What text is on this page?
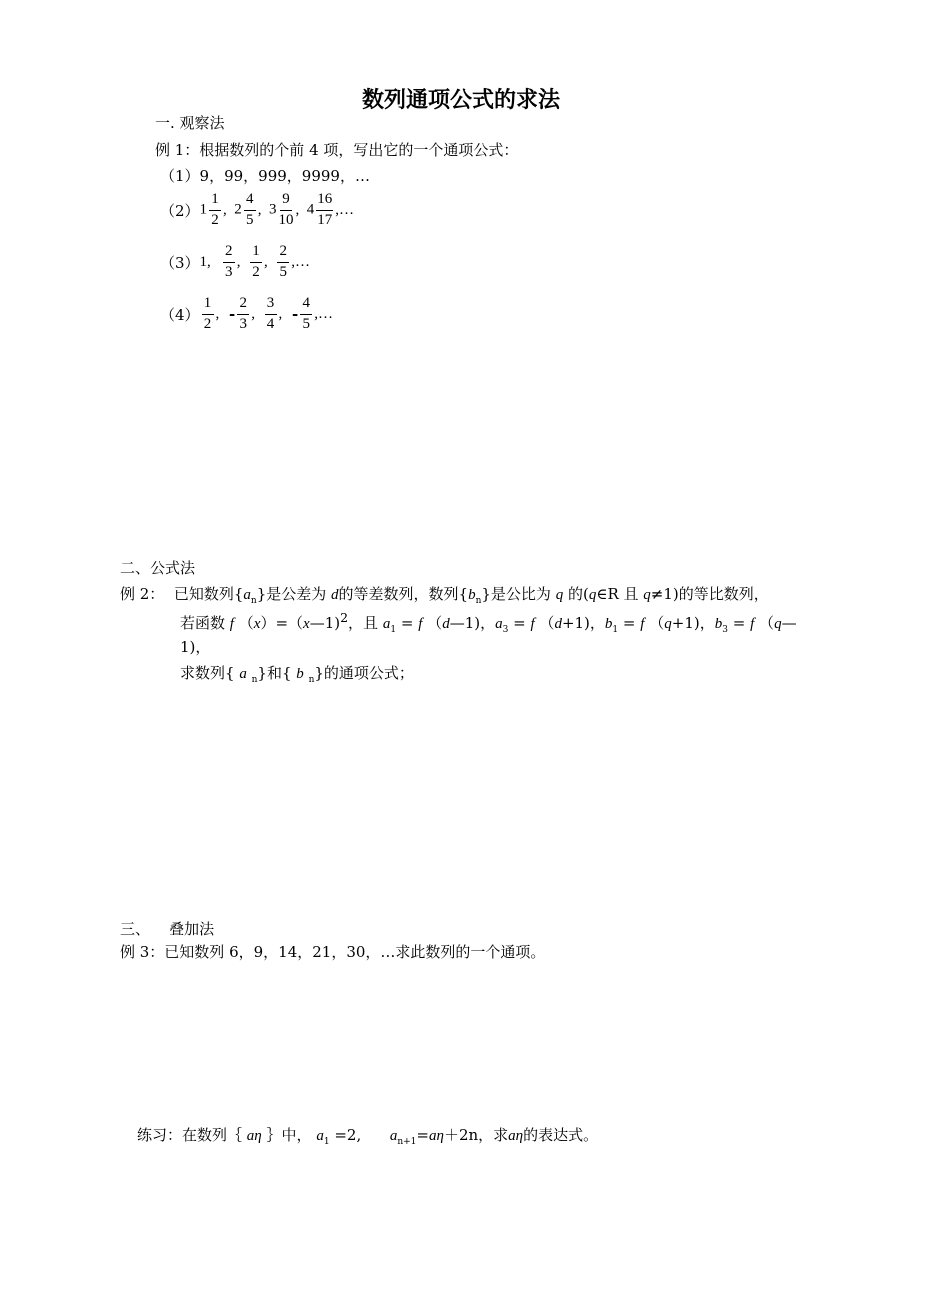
数列通项公式的求法
一. 观察法
例 1：根据数列的个前 4 项，写出它的一个通项公式：
（1）9，99，999，9999，…
$(2)1 \frac{1}{2}$ ,  $2 \frac{4}{5}$ ,  $3 \frac{9}{10}$ ,  $4 \frac{16}{17}$ ,…
（3）1, $\frac{2}{3}$ , $\frac{1}{2}$ , $\frac{2}{5}$ ,…
$(4) \frac{1}{2}$ , - $\frac{2}{3}$ , $\frac{3}{4}$ , - $\frac{4}{5}$ ,…
二、公式法
例 2： 已知数列$\{a_n\}$是公差为 d的等差数列，数列$\{b_n\}$是公比为 q 的(q∈R 且 q≠1)的等比数列，
若函数 f （x）=（x—1)$^2$，且 $a_1 = f$ （d—1)，$a_3 = f$ （d+1)，$b_1 = f$ （q+1)，$b_3 = f$ （q—
1)，
求数列{ a $_n$}和{ b $_n$}的通项公式；
三、 叠加法
例 3：已知数列 6，9，14，21，30，…求此数列的一个通项。
练习：在数列｛ aη ｝中， $a_1 =2$, $a_{n+1}=a\eta+2n$，求aη的表达式。
